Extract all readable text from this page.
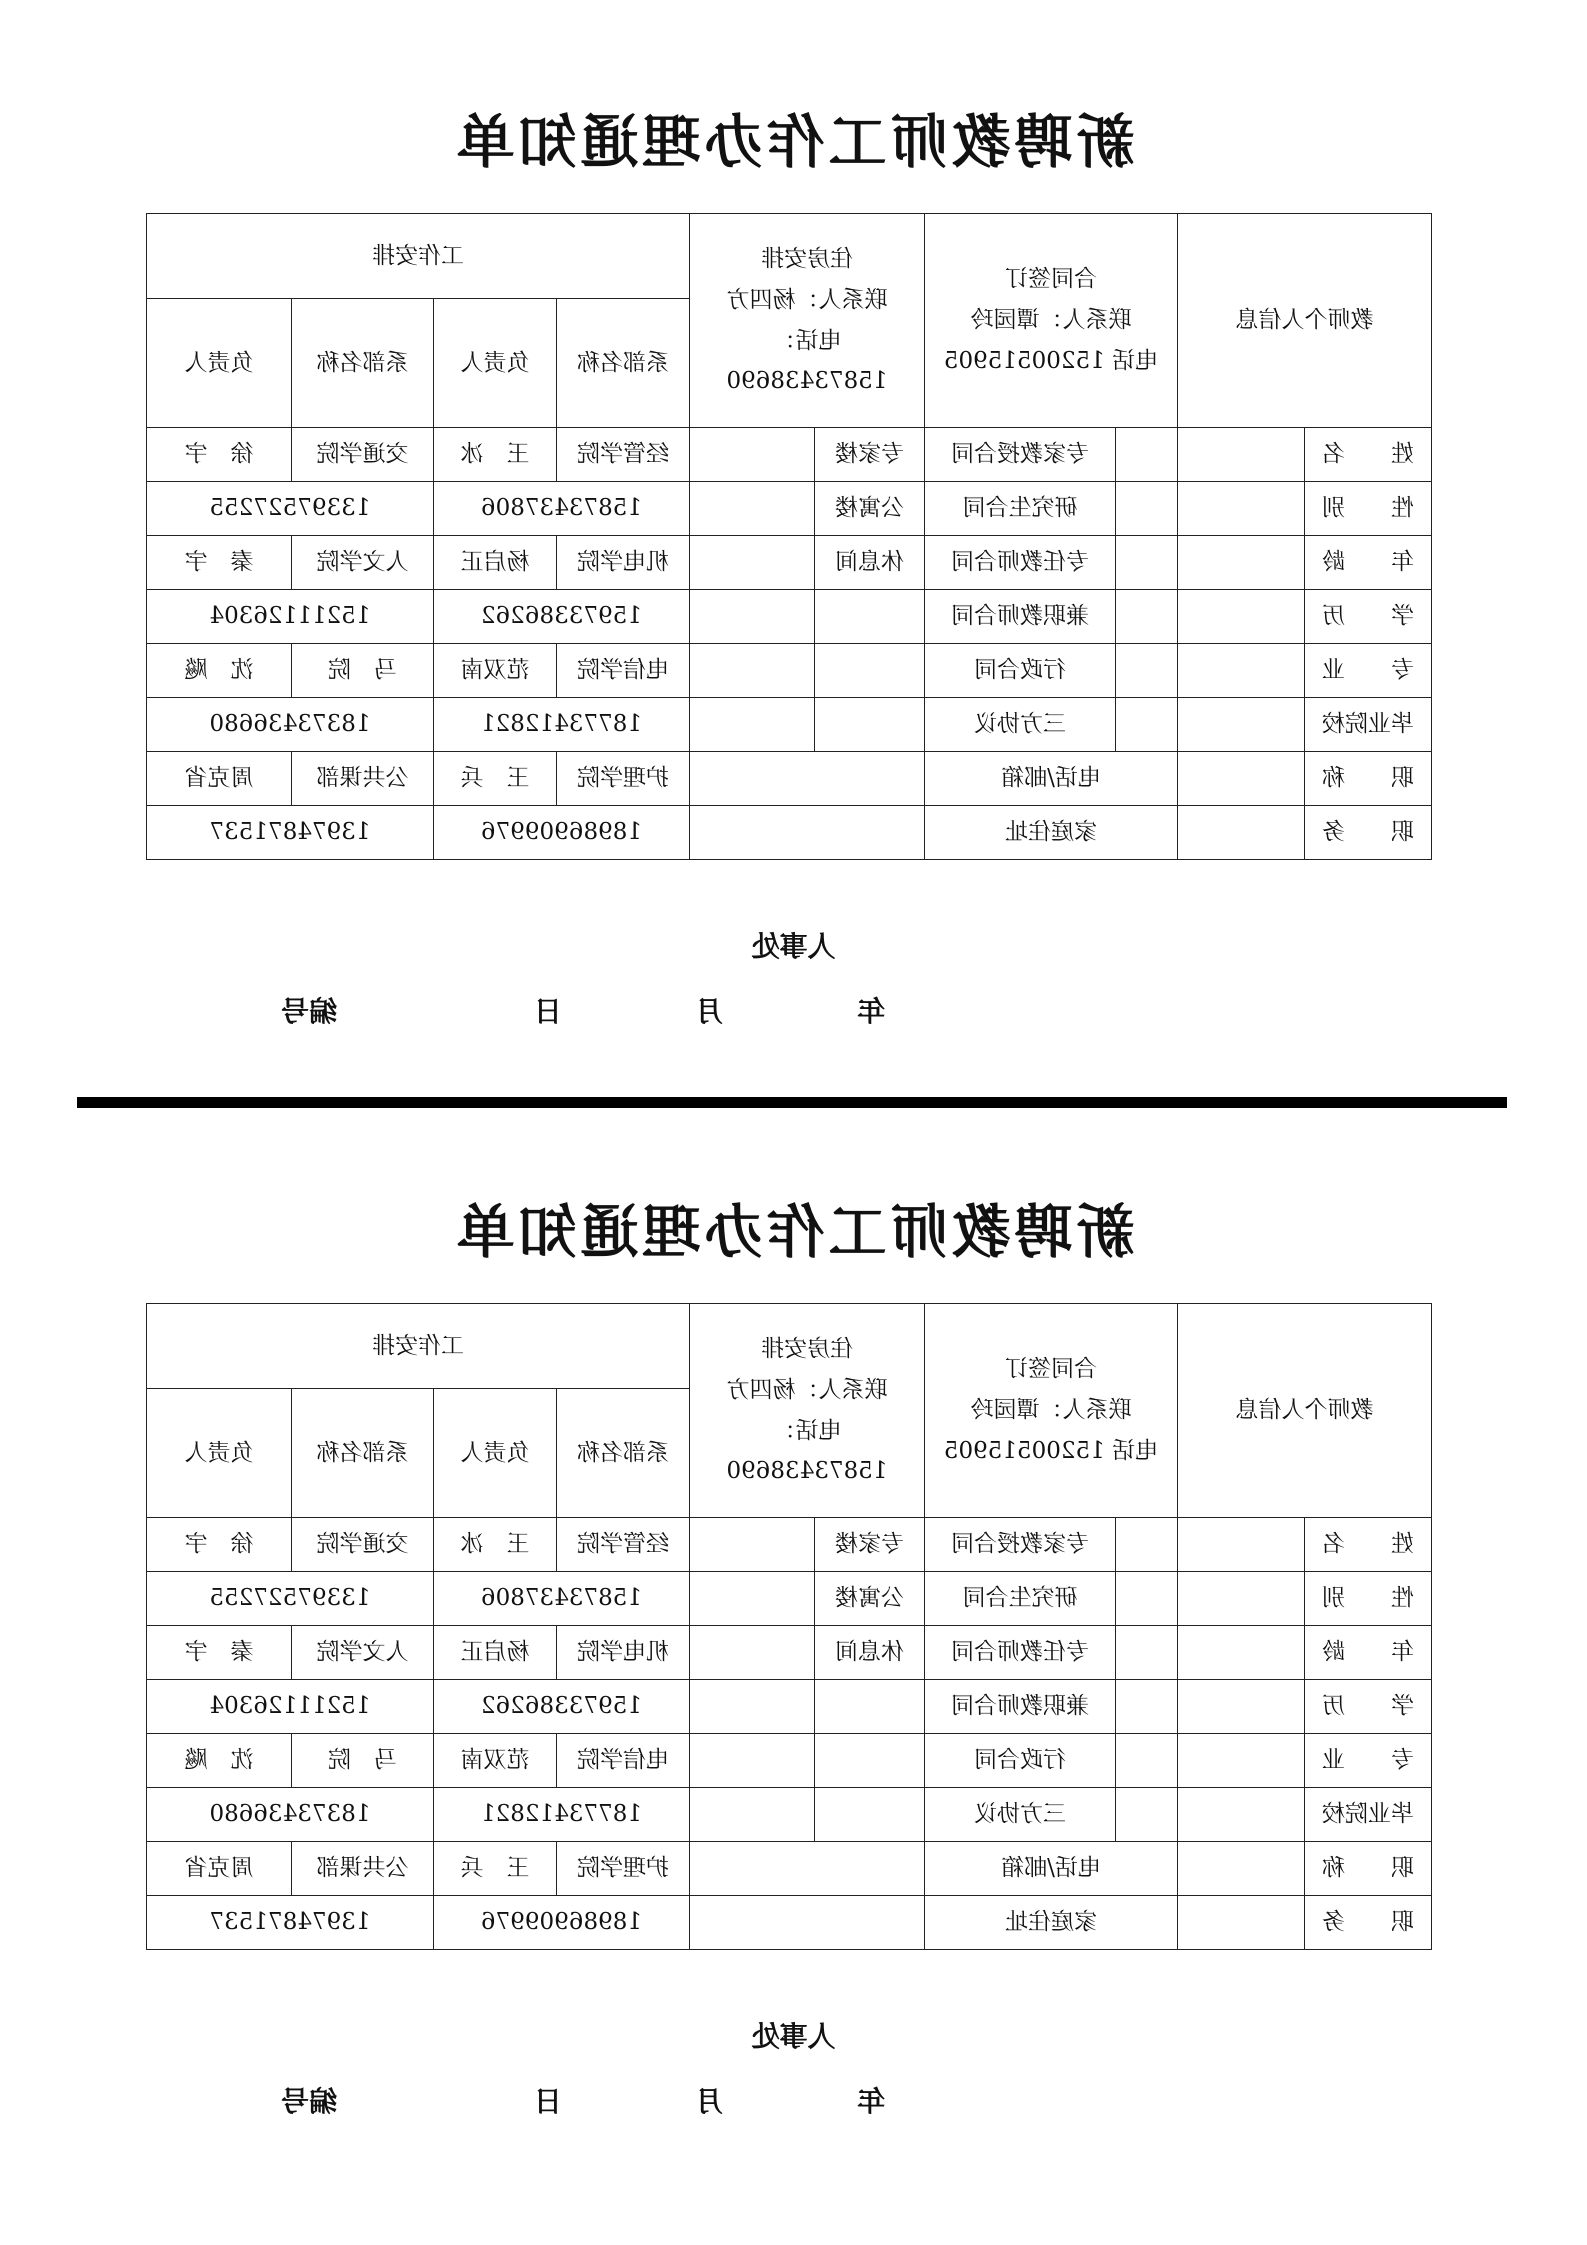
新聘教师工作办理通知单
教师个人信息		合同签订
联系人：谭园玲
电话 15200515905		住房安排
联系人：杨四方
电话：
15873438690		工作安排			
						系部名称	负责人	系部名称	负责人
姓　　名			专家教授合同	专家楼		经管学院	王　冰	交通学院	徐　宇
性　　别			研究生合同	公寓楼		15873437806		13397527255	
年　　龄			专任教师合同	休息间		机电学院	杨启正	人文学院	秦　宇
学　　历			兼职教师合同			15973386262		15211126304	
专　　业			行政合同			电信学院	范双南	马　院	沈　飚
毕业院校			三方协议			18773412821		18373436680	
职　　称		电话/邮箱				护理学院	王　兵	公共课部	周克省
职　　务		家庭住址				18986909976		13974871537	
人事处
年
月
日
编号
新聘教师工作办理通知单
教师个人信息		合同签订
联系人：谭园玲
电话 15200515905		住房安排
联系人：杨四方
电话：
15873438690		工作安排			
						系部名称	负责人	系部名称	负责人
姓　　名			专家教授合同	专家楼		经管学院	王　冰	交通学院	徐　宇
性　　别			研究生合同	公寓楼		15873437806		13397527255	
年　　龄			专任教师合同	休息间		机电学院	杨启正	人文学院	秦　宇
学　　历			兼职教师合同			15973386262		15211126304	
专　　业			行政合同			电信学院	范双南	马　院	沈　飚
毕业院校			三方协议			18773412821		18373436680	
职　　称		电话/邮箱				护理学院	王　兵	公共课部	周克省
职　　务		家庭住址				18986909976		13974871537	
人事处
年
月
日
编号
